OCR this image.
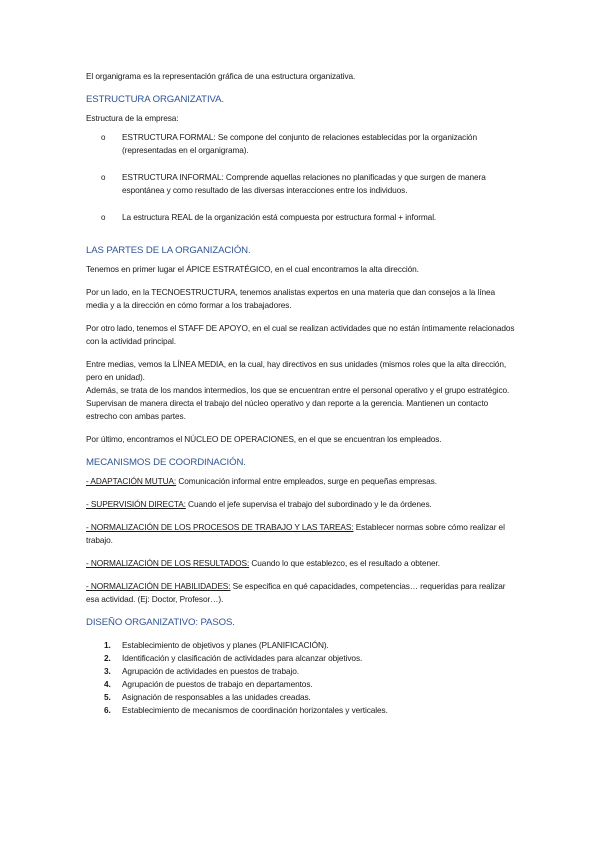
El organigrama es la representación gráfica de una estructura organizativa.

ESTRUCTURA ORGANIZATIVA.

Estructura de la empresa:

o ESTRUCTURA FORMAL: Se compone del conjunto de relaciones establecidas por la organización (representadas en el organigrama).
o ESTRUCTURA INFORMAL: Comprende aquellas relaciones no planificadas y que surgen de manera espontánea y como resultado de las diversas interacciones entre los individuos.
o La estructura REAL de la organización está compuesta por estructura formal + informal.
LAS PARTES DE LA ORGANIZACIÓN.

Tenemos en primer lugar el ÁPICE ESTRATÉGICO, en el cual encontramos la alta dirección.

Por un lado, en la TECNOESTRUCTURA, tenemos analistas expertos en una materia que dan consejos a la línea media y a la dirección en cómo formar a los trabajadores.

Por otro lado, tenemos el STAFF DE APOYO, en el cual se realizan actividades que no están íntimamente relacionados con la actividad principal.

Entre medias, vemos la LÍNEA MEDIA, en la cual, hay directivos en sus unidades (mismos roles que la alta dirección, pero en unidad).

Además, se trata de los mandos intermedios, los que se encuentran entre el personal operativo y el grupo estratégico. Supervisan de manera directa el trabajo del núcleo operativo y dan reporte a la gerencia. Mantienen un contacto estrecho con ambas partes.

Por último, encontramos el NÚCLEO DE OPERACIONES, en el que se encuentran los empleados.

MECANISMOS DE COORDINACIÓN.

- ADAPTACIÓN MUTUA: Comunicación informal entre empleados, surge en pequeñas empresas.

- SUPERVISIÓN DIRECTA: Cuando el jefe supervisa el trabajo del subordinado y le da órdenes.

- NORMALIZACIÓN DE LOS PROCESOS DE TRABAJO Y LAS TAREAS: Establecer normas sobre cómo realizar el trabajo.

- NORMALIZACIÓN DE LOS RESULTADOS: Cuando lo que establezco, es el resultado a obtener.

- NORMALIZACIÓN DE HABILIDADES: Se especifica en qué capacidades, competencias… requeridas para realizar esa actividad. (Ej: Doctor, Profesor…).

DISEÑO ORGANIZATIVO: PASOS.
1. Establecimiento de objetivos y planes (PLANIFICACIÓN).
2. Identificación y clasificación de actividades para alcanzar objetivos.
3. Agrupación de actividades en puestos de trabajo.
4. Agrupación de puestos de trabajo en departamentos.
5. Asignación de responsables a las unidades creadas.
6. Establecimiento de mecanismos de coordinación horizontales y verticales.
